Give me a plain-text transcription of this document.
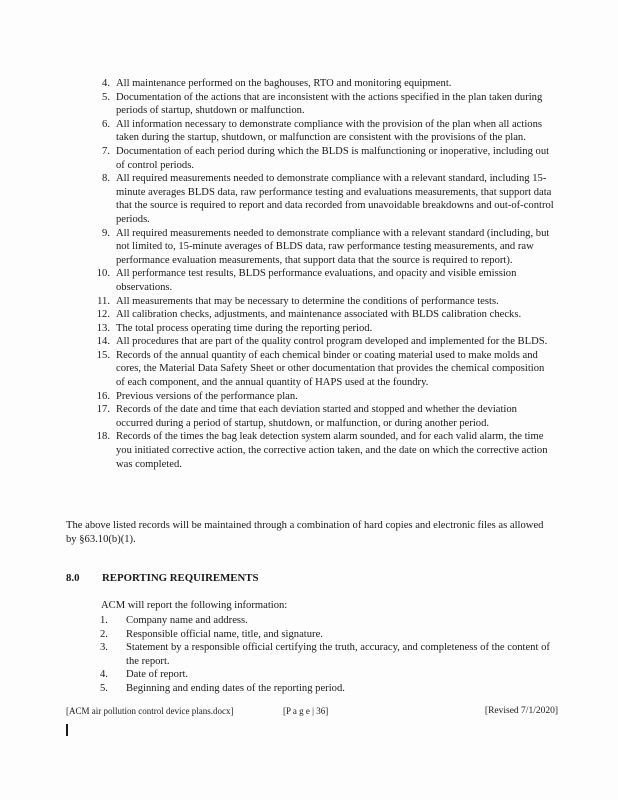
4. All maintenance performed on the baghouses, RTO and monitoring equipment.
5. Documentation of the actions that are inconsistent with the actions specified in the plan taken during periods of startup, shutdown or malfunction.
6. All information necessary to demonstrate compliance with the provision of the plan when all actions taken during the startup, shutdown, or malfunction are consistent with the provisions of the plan.
7. Documentation of each period during which the BLDS is malfunctioning or inoperative, including out of control periods.
8. All required measurements needed to demonstrate compliance with a relevant standard, including 15-minute averages BLDS data, raw performance testing and evaluations measurements, that support data that the source is required to report and data recorded from unavoidable breakdowns and out-of-control periods.
9. All required measurements needed to demonstrate compliance with a relevant standard (including, but not limited to, 15-minute averages of BLDS data, raw performance testing measurements, and raw performance evaluation measurements, that support data that the source is required to report).
10. All performance test results, BLDS performance evaluations, and opacity and visible emission observations.
11. All measurements that may be necessary to determine the conditions of performance tests.
12. All calibration checks, adjustments, and maintenance associated with BLDS calibration checks.
13. The total process operating time during the reporting period.
14. All procedures that are part of the quality control program developed and implemented for the BLDS.
15. Records of the annual quantity of each chemical binder or coating material used to make molds and cores, the Material Data Safety Sheet or other documentation that provides the chemical composition of each component, and the annual quantity of HAPS used at the foundry.
16. Previous versions of the performance plan.
17. Records of the date and time that each deviation started and stopped and whether the deviation occurred during a period of startup, shutdown, or malfunction, or during another period.
18. Records of the times the bag leak detection system alarm sounded, and for each valid alarm, the time you initiated corrective action, the corrective action taken, and the date on which the corrective action was completed.

The above listed records will be maintained through a combination of hard copies and electronic files as allowed by §63.10(b)(1).

8.0 REPORTING REQUIREMENTS
ACM will report the following information:
1. Company name and address.
2. Responsible official name, title, and signature.
3. Statement by a responsible official certifying the truth, accuracy, and completeness of the content of the report.
4. Date of report.
5. Beginning and ending dates of the reporting period.
[ACM air pollution control device plans.docx]	[P a g e | 36]	[Revised 7/1/2020]
